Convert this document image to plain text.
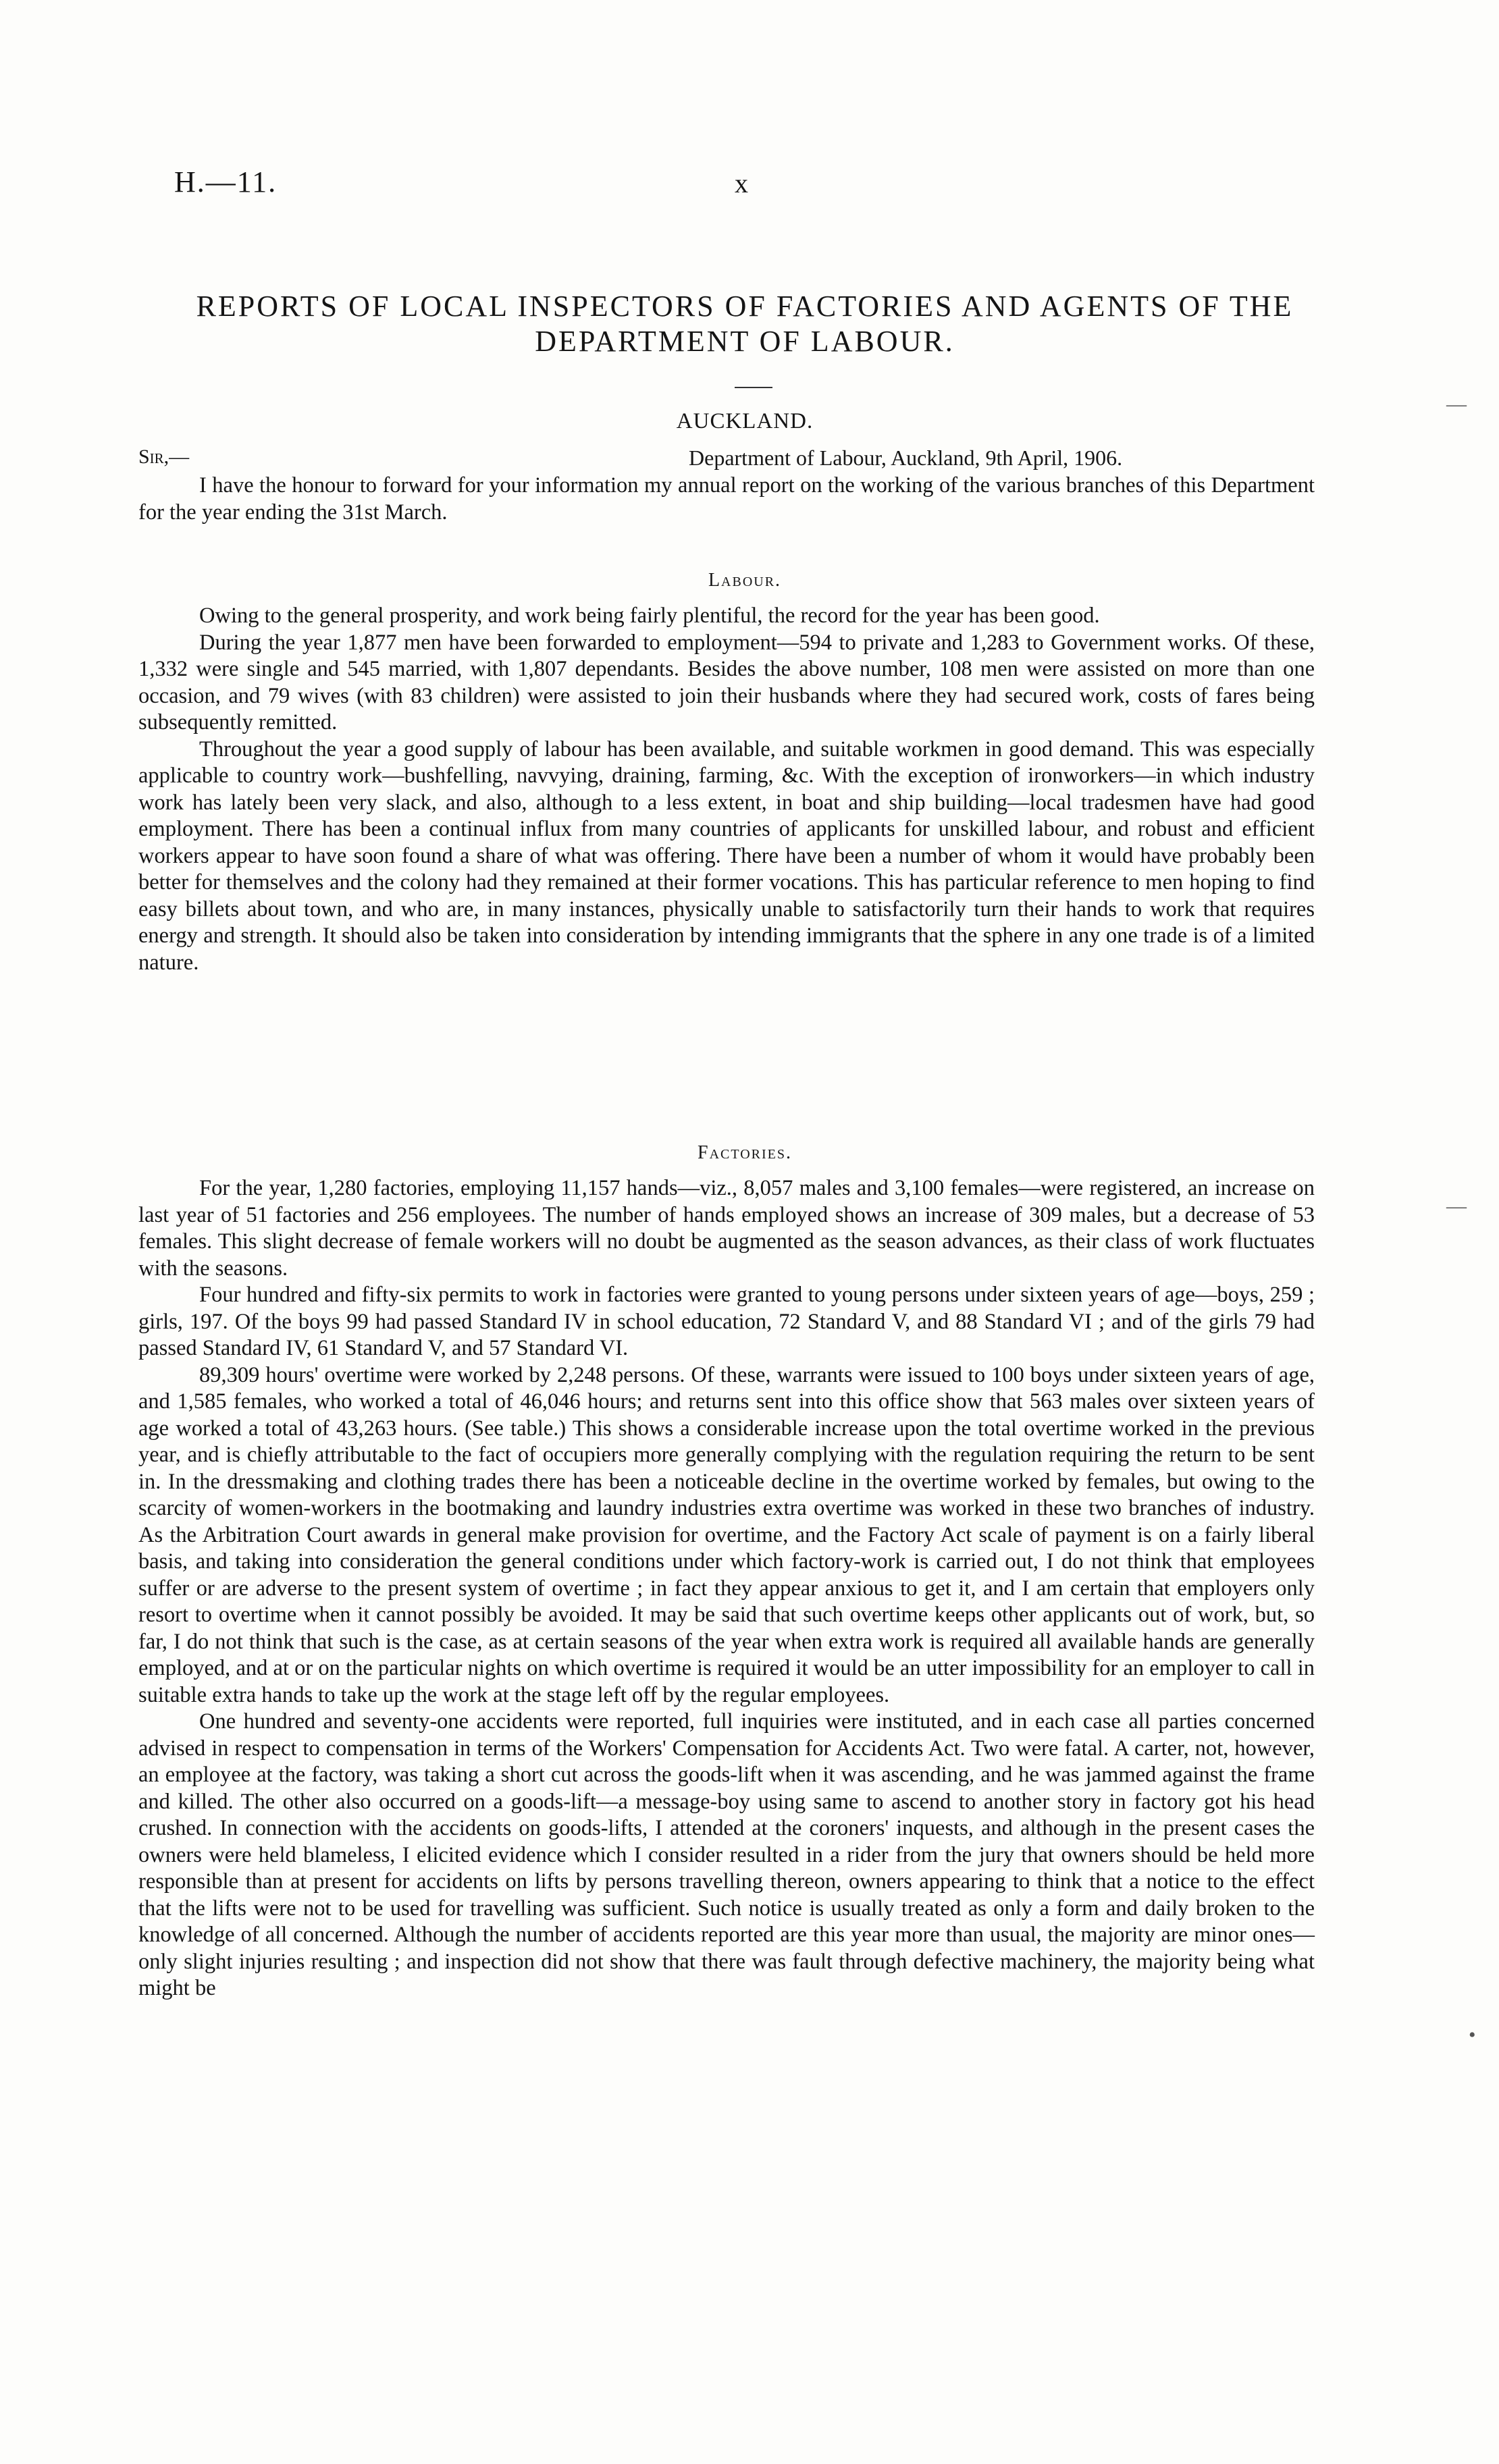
H.—11.	x
REPORTS OF LOCAL INSPECTORS OF FACTORIES AND AGENTS OF THE DEPARTMENT OF LABOUR.
AUCKLAND.
Sir,—	Department of Labour, Auckland, 9th April, 1906.

I have the honour to forward for your information my annual report on the working of the various branches of this Department for the year ending the 31st March.

Labour.

Owing to the general prosperity, and work being fairly plentiful, the record for the year has been good.

During the year 1,877 men have been forwarded to employment—594 to private and 1,283 to Government works. Of these, 1,332 were single and 545 married, with 1,807 dependants. Besides the above number, 108 men were assisted on more than one occasion, and 79 wives (with 83 children) were assisted to join their husbands where they had secured work, costs of fares being subsequently remitted.

Throughout the year a good supply of labour has been available, and suitable workmen in good demand. This was especially applicable to country work—bushfelling, navvying, draining, farming, &c. With the exception of ironworkers—in which industry work has lately been very slack, and also, although to a less extent, in boat and ship building—local tradesmen have had good employment. There has been a continual influx from many countries of applicants for unskilled labour, and robust and efficient workers appear to have soon found a share of what was offering. There have been a number of whom it would have probably been better for themselves and the colony had they remained at their former vocations. This has particular reference to men hoping to find easy billets about town, and who are, in many instances, physically unable to satisfactorily turn their hands to work that requires energy and strength. It should also be taken into consideration by intending immigrants that the sphere in any one trade is of a limited nature.

Factories.

For the year, 1,280 factories, employing 11,157 hands—viz., 8,057 males and 3,100 females—were registered, an increase on last year of 51 factories and 256 employees. The number of hands employed shows an increase of 309 males, but a decrease of 53 females. This slight decrease of female workers will no doubt be augmented as the season advances, as their class of work fluctuates with the seasons.

Four hundred and fifty-six permits to work in factories were granted to young persons under sixteen years of age—boys, 259 ; girls, 197. Of the boys 99 had passed Standard IV in school education, 72 Standard V, and 88 Standard VI ; and of the girls 79 had passed Standard IV, 61 Standard V, and 57 Standard VI.

89,309 hours' overtime were worked by 2,248 persons. Of these, warrants were issued to 100 boys under sixteen years of age, and 1,585 females, who worked a total of 46,046 hours; and returns sent into this office show that 563 males over sixteen years of age worked a total of 43,263 hours. (See table.) This shows a considerable increase upon the total overtime worked in the previous year, and is chiefly attributable to the fact of occupiers more generally complying with the regulation requiring the return to be sent in. In the dressmaking and clothing trades there has been a noticeable decline in the overtime worked by females, but owing to the scarcity of women-workers in the bootmaking and laundry industries extra overtime was worked in these two branches of industry. As the Arbitration Court awards in general make provision for overtime, and the Factory Act scale of payment is on a fairly liberal basis, and taking into consideration the general conditions under which factory-work is carried out, I do not think that employees suffer or are adverse to the present system of overtime ; in fact they appear anxious to get it, and I am certain that employers only resort to overtime when it cannot possibly be avoided. It may be said that such overtime keeps other applicants out of work, but, so far, I do not think that such is the case, as at certain seasons of the year when extra work is required all available hands are generally employed, and at or on the particular nights on which overtime is required it would be an utter impossibility for an employer to call in suitable extra hands to take up the work at the stage left off by the regular employees.

One hundred and seventy-one accidents were reported, full inquiries were instituted, and in each case all parties concerned advised in respect to compensation in terms of the Workers' Compensation for Accidents Act. Two were fatal. A carter, not, however, an employee at the factory, was taking a short cut across the goods-lift when it was ascending, and he was jammed against the frame and killed. The other also occurred on a goods-lift—a message-boy using same to ascend to another story in factory got his head crushed. In connection with the accidents on goods-lifts, I attended at the coroners' inquests, and although in the present cases the owners were held blameless, I elicited evidence which I consider resulted in a rider from the jury that owners should be held more responsible than at present for accidents on lifts by persons travelling thereon, owners appearing to think that a notice to the effect that the lifts were not to be used for travelling was sufficient. Such notice is usually treated as only a form and daily broken to the knowledge of all concerned. Although the number of accidents reported are this year more than usual, the majority are minor ones—only slight injuries resulting ; and inspection did not show that there was fault through defective machinery, the majority being what might be

—
—
•
